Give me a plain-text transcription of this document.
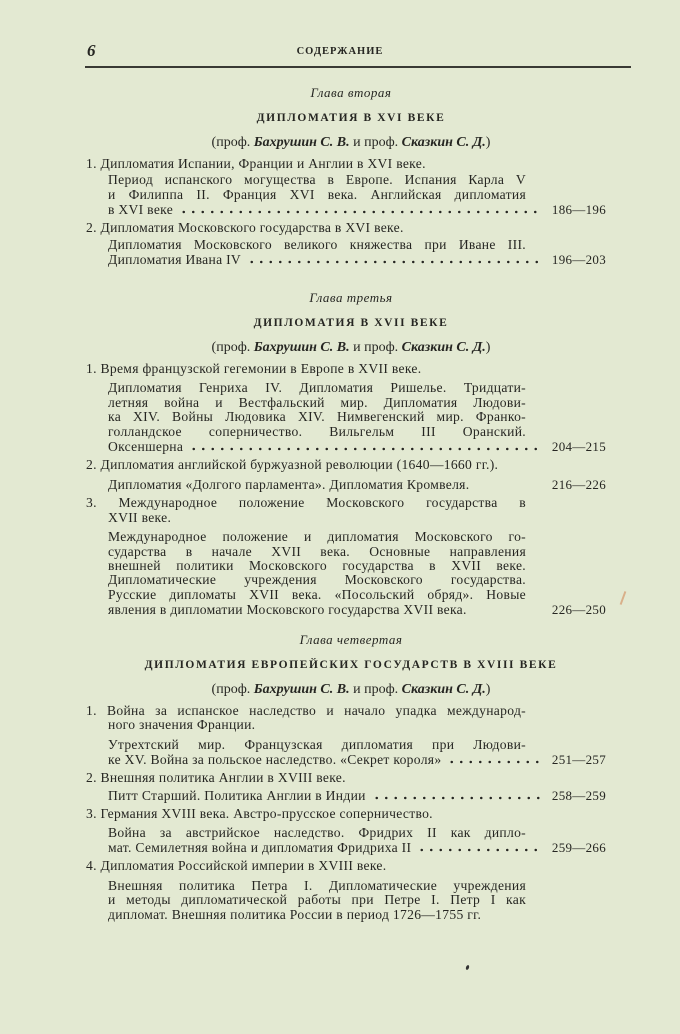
6	СОДЕРЖАНИЕ
Глава вторая
ДИПЛОМАТИЯ В XVI ВЕКЕ
(проф. Бахрушин С. В. и проф. Сказкин С. Д.)
1. Дипломатия Испании, Франции и Англии в XVI веке.
Период испанского могущества в Европе. Испания Карла V
и Филиппа II. Франция XVI века. Английская дипломатия
в XVI веке	186—196
2. Дипломатия Московского государства в XVI веке.
Дипломатия Московского великого княжества при Иване III.
Дипломатия Ивана IV	196—203
Глава третья
ДИПЛОМАТИЯ В XVII ВЕКЕ
(проф. Бахрушин С. В. и проф. Сказкин С. Д.)
1. Время французской гегемонии в Европе в XVII веке.
Дипломатия Генриха IV. Дипломатия Ришелье. Тридцати-
летняя война и Вестфальский мир. Дипломатия Людови-
ка XIV. Войны Людовика XIV. Нимвегенский мир. Франко-
голландское соперничество. Вильгельм III Оранский.
Оксеншерна	204—215
2. Дипломатия английской буржуазной революции (1640—1660 гг.).
Дипломатия «Долгого парламента». Дипломатия Кромвеля.	216—226
3. Международное положение Московского государства в
XVII веке.
Международное положение и дипломатия Московского го-
сударства в начале XVII века. Основные направления
внешней политики Московского государства в XVII веке.
Дипломатические учреждения Московского государства.
Русские дипломаты XVII века. «Посольский обряд». Новые
явления в дипломатии Московского государства XVII века.	226—250
Глава четвертая
ДИПЛОМАТИЯ ЕВРОПЕЙСКИХ ГОСУДАРСТВ В XVIII ВЕКЕ
(проф. Бахрушин С. В. и проф. Сказкин С. Д.)
1. Война за испанское наследство и начало упадка международ-
ного значения Франции.
Утрехтский мир. Французская дипломатия при Людови-
ке XV. Война за польское наследство. «Секрет короля»	251—257
2. Внешняя политика Англии в XVIII веке.
Питт Старший. Политика Англии в Индии	258—259
3. Германия XVIII века. Австро-прусское соперничество.
Война за австрийское наследство. Фридрих II как дипло-
мат. Семилетняя война и дипломатия Фридриха II	259—266
4. Дипломатия Российской империи в XVIII веке.
Внешняя политика Петра I. Дипломатические учреждения
и методы дипломатической работы при Петре I. Петр I как
дипломат. Внешняя политика России в период 1726—1755 гг.
